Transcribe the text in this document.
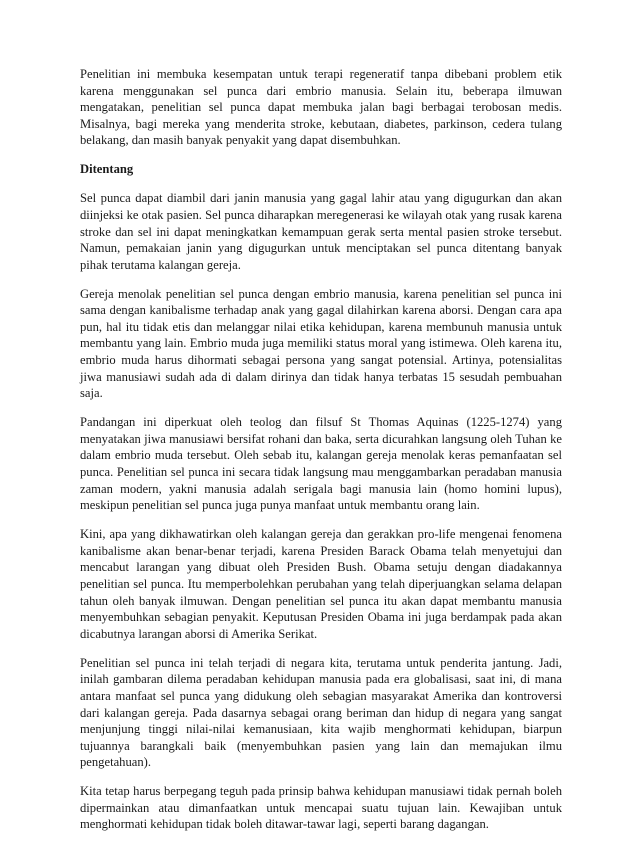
Penelitian ini membuka kesempatan untuk terapi regeneratif tanpa dibebani problem etik karena menggunakan sel punca dari embrio manusia. Selain itu, beberapa ilmuwan mengatakan, penelitian sel punca dapat membuka jalan bagi berbagai terobosan medis. Misalnya, bagi mereka yang menderita stroke, kebutaan, diabetes, parkinson, cedera tulang belakang, dan masih banyak penyakit yang dapat disembuhkan.

Ditentang

Sel punca dapat diambil dari janin manusia yang gagal lahir atau yang digugurkan dan akan diinjeksi ke otak pasien. Sel punca diharapkan meregenerasi ke wilayah otak yang rusak karena stroke dan sel ini dapat meningkatkan kemampuan gerak serta mental pasien stroke tersebut. Namun, pemakaian janin yang digugurkan untuk menciptakan sel punca ditentang banyak pihak terutama kalangan gereja.

Gereja menolak penelitian sel punca dengan embrio manusia, karena penelitian sel punca ini sama dengan kanibalisme terhadap anak yang gagal dilahirkan karena aborsi. Dengan cara apa pun, hal itu tidak etis dan melanggar nilai etika kehidupan, karena membunuh manusia untuk membantu yang lain. Embrio muda juga memiliki status moral yang istimewa. Oleh karena itu, embrio muda harus dihormati sebagai persona yang sangat potensial. Artinya, potensialitas jiwa manusiawi sudah ada di dalam dirinya dan tidak hanya terbatas 15 sesudah pembuahan saja.

Pandangan ini diperkuat oleh teolog dan filsuf St Thomas Aquinas (1225-1274) yang menyatakan jiwa manusiawi bersifat rohani dan baka, serta dicurahkan langsung oleh Tuhan ke dalam embrio muda tersebut. Oleh sebab itu, kalangan gereja menolak keras pemanfaatan sel punca. Penelitian sel punca ini secara tidak langsung mau menggambarkan peradaban manusia zaman modern, yakni manusia adalah serigala bagi manusia lain (homo homini lupus), meskipun penelitian sel punca juga punya manfaat untuk membantu orang lain.

Kini, apa yang dikhawatirkan oleh kalangan gereja dan gerakkan pro-life mengenai fenomena kanibalisme akan benar-benar terjadi, karena Presiden Barack Obama telah menyetujui dan mencabut larangan yang dibuat oleh Presiden Bush. Obama setuju dengan diadakannya penelitian sel punca. Itu memperbolehkan perubahan yang telah diperjuangkan selama delapan tahun oleh banyak ilmuwan. Dengan penelitian sel punca itu akan dapat membantu manusia menyembuhkan sebagian penyakit. Keputusan Presiden Obama ini juga berdampak pada akan dicabutnya larangan aborsi di Amerika Serikat.

Penelitian sel punca ini telah terjadi di negara kita, terutama untuk penderita jantung. Jadi, inilah gambaran dilema peradaban kehidupan manusia pada era globalisasi, saat ini, di mana antara manfaat sel punca yang didukung oleh sebagian masyarakat Amerika dan kontroversi dari kalangan gereja. Pada dasarnya sebagai orang beriman dan hidup di negara yang sangat menjunjung tinggi nilai-nilai kemanusiaan, kita wajib menghormati kehidupan, biarpun tujuannya barangkali baik (menyembuhkan pasien yang lain dan memajukan ilmu pengetahuan).

Kita tetap harus berpegang teguh pada prinsip bahwa kehidupan manusiawi tidak pernah boleh dipermainkan atau dimanfaatkan untuk mencapai suatu tujuan lain. Kewajiban untuk menghormati kehidupan tidak boleh ditawar-tawar lagi, seperti barang dagangan.
